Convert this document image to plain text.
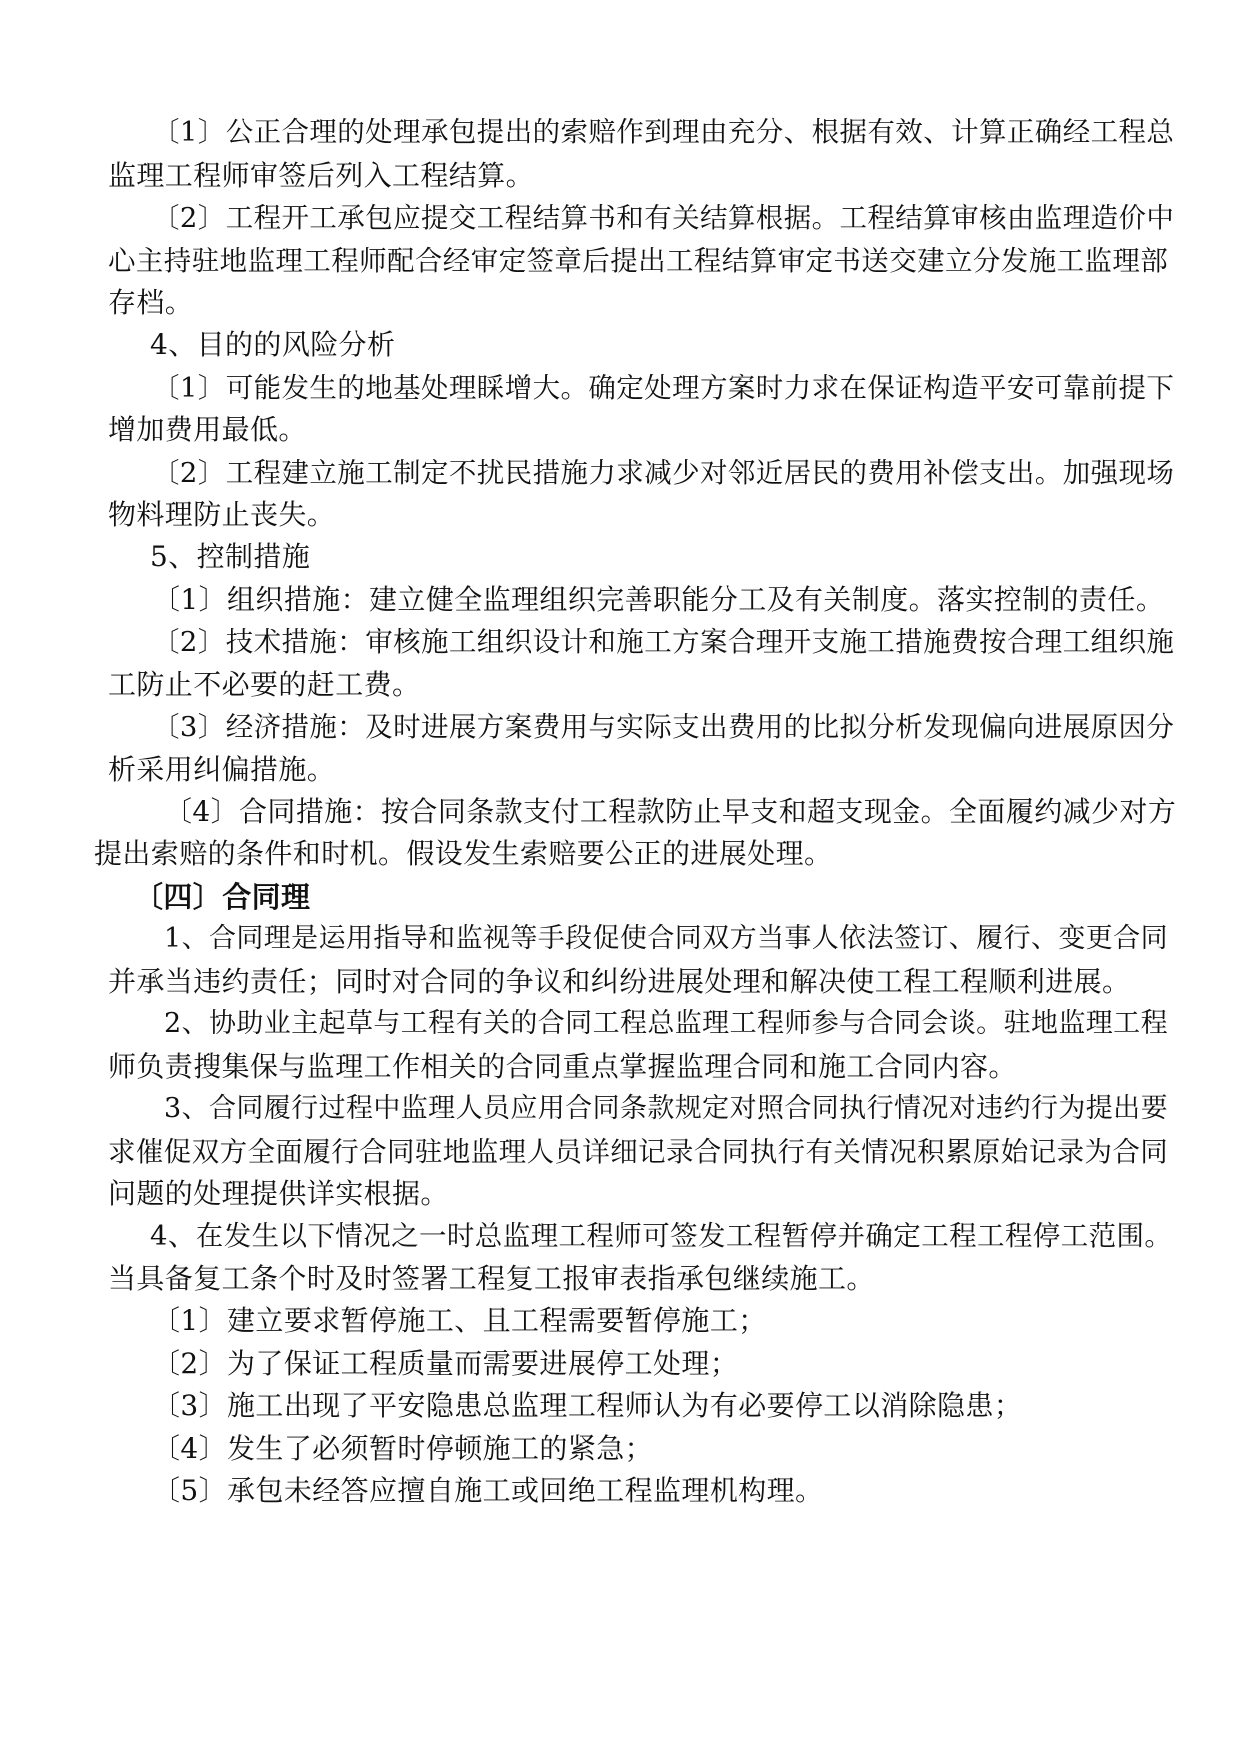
〔1〕公正合理的处理承包提出的索赔作到理由充分、根据有效、计算正确经工程总
监理工程师审签后列入工程结算。
〔2〕工程开工承包应提交工程结算书和有关结算根据。工程结算审核由监理造价中
心主持驻地监理工程师配合经审定签章后提出工程结算审定书送交建立分发施工监理部
存档。
4、目的的风险分析
〔1〕可能发生的地基处理睬增大。确定处理方案时力求在保证构造平安可靠前提下
增加费用最低。
〔2〕工程建立施工制定不扰民措施力求减少对邻近居民的费用补偿支出。加强现场
物料理防止丧失。
5、控制措施
〔1〕组织措施：建立健全监理组织完善职能分工及有关制度。落实控制的责任。
〔2〕技术措施：审核施工组织设计和施工方案合理开支施工措施费按合理工组织施
工防止不必要的赶工费。
〔3〕经济措施：及时进展方案费用与实际支出费用的比拟分析发现偏向进展原因分
析采用纠偏措施。
〔4〕合同措施：按合同条款支付工程款防止早支和超支现金。全面履约减少对方
提出索赔的条件和时机。假设发生索赔要公正的进展处理。
〔四〕合同理
1、合同理是运用指导和监视等手段促使合同双方当事人依法签订、履行、变更合同
并承当违约责任；同时对合同的争议和纠纷进展处理和解决使工程工程顺利进展。
2、协助业主起草与工程有关的合同工程总监理工程师参与合同会谈。驻地监理工程
师负责搜集保与监理工作相关的合同重点掌握监理合同和施工合同内容。
3、合同履行过程中监理人员应用合同条款规定对照合同执行情况对违约行为提出要
求催促双方全面履行合同驻地监理人员详细记录合同执行有关情况积累原始记录为合同
问题的处理提供详实根据。
4、在发生以下情况之一时总监理工程师可签发工程暂停并确定工程工程停工范围。
当具备复工条个时及时签署工程复工报审表指承包继续施工。
〔1〕建立要求暂停施工、且工程需要暂停施工；
〔2〕为了保证工程质量而需要进展停工处理；
〔3〕施工出现了平安隐患总监理工程师认为有必要停工以消除隐患；
〔4〕发生了必须暂时停顿施工的紧急；
〔5〕承包未经答应擅自施工或回绝工程监理机构理。
